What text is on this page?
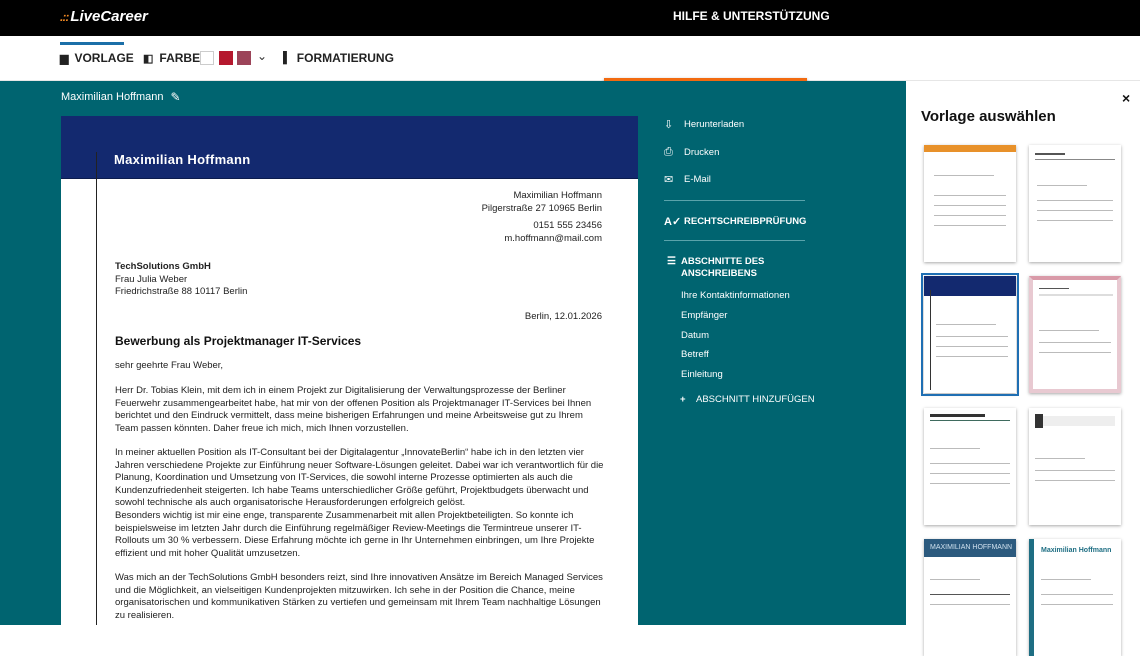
.:: LiveCareer	HILFE & UNTERSTÜTZUNG
▆ VORLAGE ◧ FARBE	▌ FORMATIERUNG
⌄
Maximilian Hoffmann ✎
Maximilian Hoffmann
Maximilian Hoffmann
Pilgerstraße 27 10965 Berlin
0151 555 23456
m.hoffmann@mail.com
TechSolutions GmbH
Frau Julia Weber
Friedrichstraße 88 10117 Berlin
Berlin, 12.01.2026
Bewerbung als Projektmanager IT-Services
sehr geehrte Frau Weber,
Herr Dr. Tobias Klein, mit dem ich in einem Projekt zur Digitalisierung der Verwaltungsprozesse der Berliner Feuerwehr zusammengearbeitet habe, hat mir von der offenen Position als Projektmanager IT-Services bei Ihnen berichtet und den Eindruck vermittelt, dass meine bisherigen Erfahrungen und meine Arbeitsweise gut zu Ihrem Team passen könnten. Daher freue ich mich, mich Ihnen vorzustellen.
In meiner aktuellen Position als IT-Consultant bei der Digitalagentur „InnovateBerlin“ habe ich in den letzten vier Jahren verschiedene Projekte zur Einführung neuer Software-Lösungen geleitet. Dabei war ich verantwortlich für die Planung, Koordination und Umsetzung von IT-Services, die sowohl interne Prozesse optimierten als auch die Kundenzufriedenheit steigerten. Ich habe Teams unterschiedlicher Größe geführt, Projektbudgets überwacht und sowohl technische als auch organisatorische Herausforderungen erfolgreich gelöst.
Besonders wichtig ist mir eine enge, transparente Zusammenarbeit mit allen Projektbeteiligten. So konnte ich beispielsweise im letzten Jahr durch die Einführung regelmäßiger Review-Meetings die Termintreue unserer IT-Rollouts um 30 % verbessern. Diese Erfahrung möchte ich gerne in Ihr Unternehmen einbringen, um Ihre Projekte effizient und mit hoher Qualität umzusetzen.
Was mich an der TechSolutions GmbH besonders reizt, sind Ihre innovativen Ansätze im Bereich Managed Services und die Möglichkeit, an vielseitigen Kundenprojekten mitzuwirken. Ich sehe in der Position die Chance, meine organisatorischen und kommunikativen Stärken zu vertiefen und gemeinsam mit Ihrem Team nachhaltige Lösungen zu realisieren.
⇩	Herunterladen
⎙	Drucken
✉	E-Mail
A✓ RECHTSCHREIBPRÜFUNG
☰ ABSCHNITTE DES
ANSCHREIBENS
Ihre Kontaktinformationen
Empfänger
Datum
Betreff
Einleitung
+	ABSCHNITT HINZUFÜGEN
×
Vorlage auswählen
MAXIMILIAN HOFFMANN	Maximilian Hoffmann
